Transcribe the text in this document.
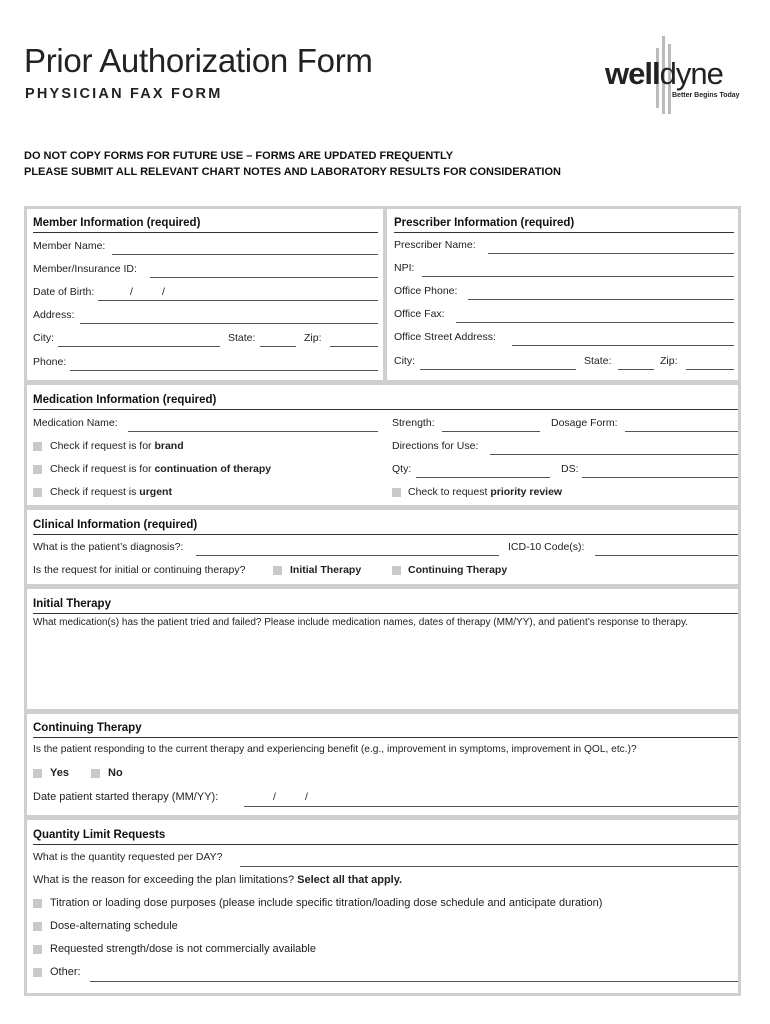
Prior Authorization Form
PHYSICIAN FAX FORM
welldyne
Better Begins Today
DO NOT COPY FORMS FOR FUTURE USE – FORMS ARE UPDATED FREQUENTLY
PLEASE SUBMIT ALL RELEVANT CHART NOTES AND LABORATORY RESULTS FOR CONSIDERATION
Member Information (required)
Member Name:
Member/Insurance ID:
Date of Birth:	/	/
Address:
City:	State:	Zip:
Phone:
Prescriber Information (required)
Prescriber Name:
NPI:
Office Phone:
Office Fax:
Office Street Address:
City:	State:	Zip:
Medication Information (required)
Medication Name:	Strength:	Dosage Form:
Check if request is for brand	Directions for Use:
Check if request is for continuation of therapy	Qty:	DS:
Check if request is urgent	Check to request priority review
Clinical Information (required)
What is the patient’s diagnosis?:	ICD-10 Code(s):
Is the request for initial or continuing therapy?	Initial Therapy	Continuing Therapy
Initial Therapy
What medication(s) has the patient tried and failed? Please include medication names, dates of therapy (MM/YY), and patient’s response to therapy.
Continuing Therapy
Is the patient responding to the current therapy and experiencing benefit (e.g., improvement in symptoms, improvement in QOL, etc.)?
Yes	No
Date patient started therapy (MM/YY):	/	/
Quantity Limit Requests
What is the quantity requested per DAY?
What is the reason for exceeding the plan limitations? Select all that apply.
Titration or loading dose purposes (please include specific titration/loading dose schedule and anticipate duration)
Dose-alternating schedule
Requested strength/dose is not commercially available
Other:
